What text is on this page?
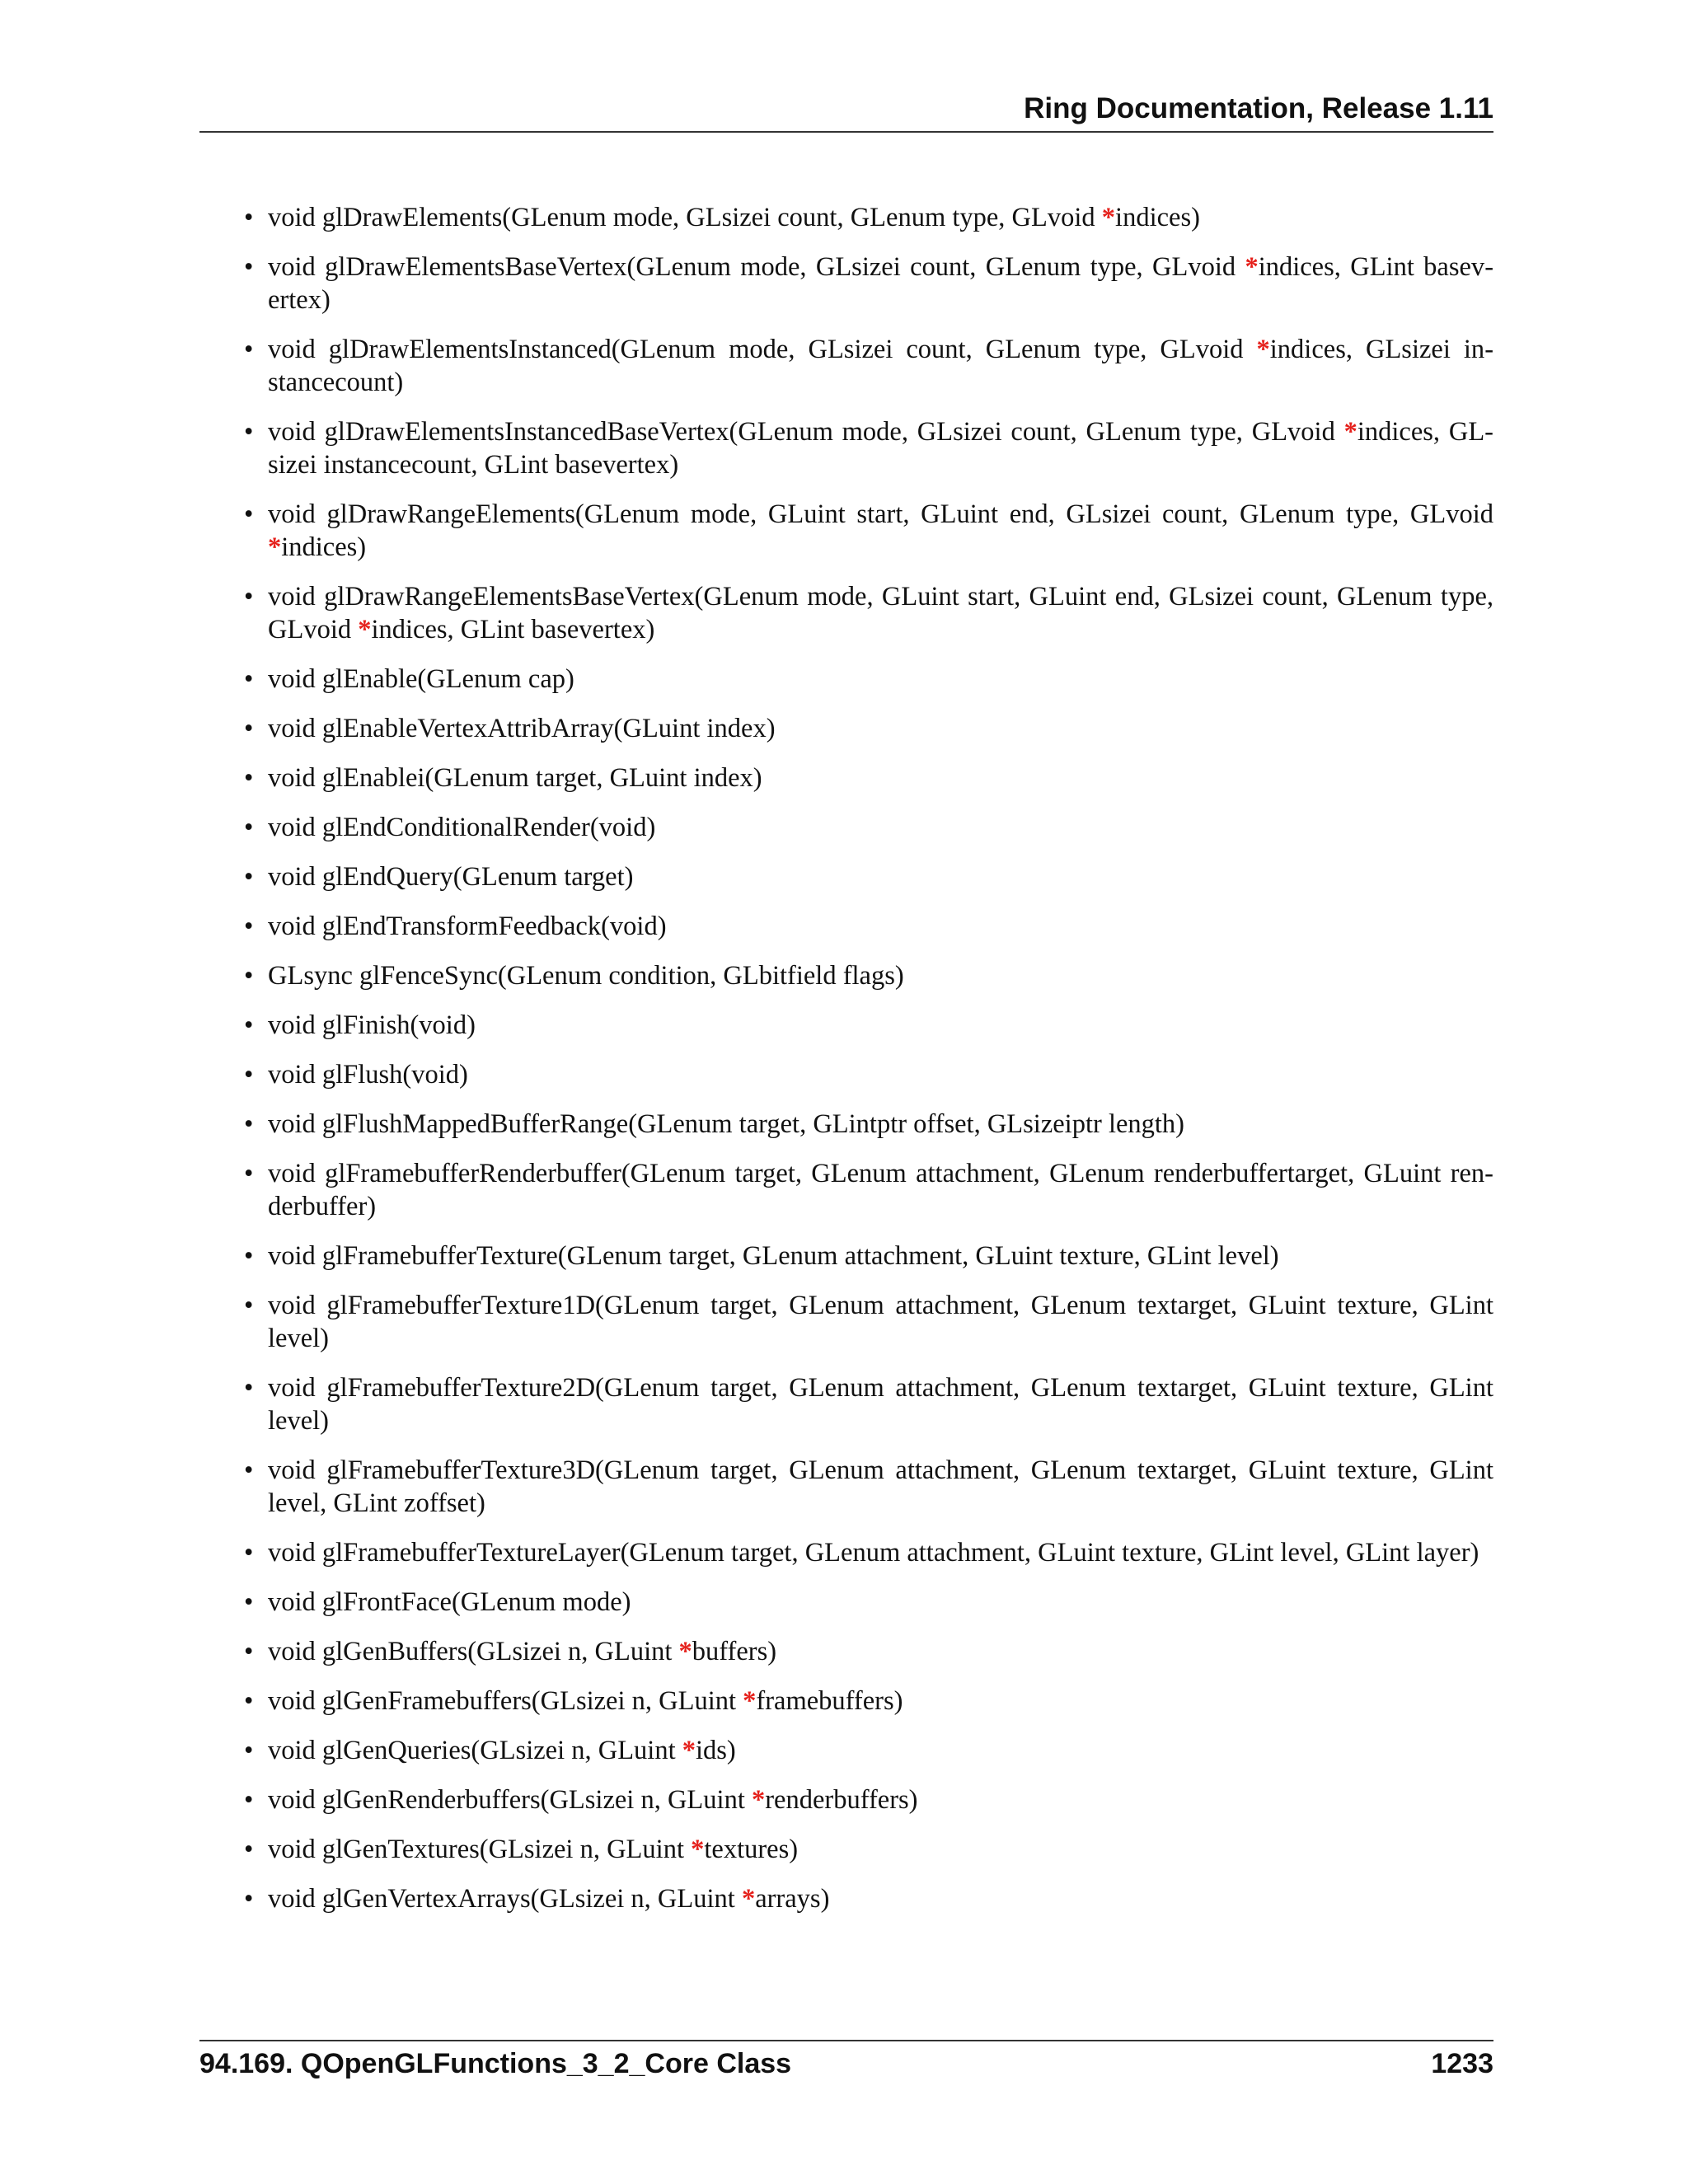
Ring Documentation, Release 1.11
• void glDrawElements(GLenum mode, GLsizei count, GLenum type, GLvoid *indices)
• void glDrawElementsBaseVertex(GLenum mode, GLsizei count, GLenum type, GLvoid *indices, GLint basevertex)
• void glDrawElementsInstanced(GLenum mode, GLsizei count, GLenum type, GLvoid *indices, GLsizei instancecount)
• void glDrawElementsInstancedBaseVertex(GLenum mode, GLsizei count, GLenum type, GLvoid *indices, GLsizei instancecount, GLint basevertex)
• void glDrawRangeElements(GLenum mode, GLuint start, GLuint end, GLsizei count, GLenum type, GLvoid *indices)
• void glDrawRangeElementsBaseVertex(GLenum mode, GLuint start, GLuint end, GLsizei count, GLenum type, GLvoid *indices, GLint basevertex)
• void glEnable(GLenum cap)
• void glEnableVertexAttribArray(GLuint index)
• void glEnablei(GLenum target, GLuint index)
• void glEndConditionalRender(void)
• void glEndQuery(GLenum target)
• void glEndTransformFeedback(void)
• GLsync glFenceSync(GLenum condition, GLbitfield flags)
• void glFinish(void)
• void glFlush(void)
• void glFlushMappedBufferRange(GLenum target, GLintptr offset, GLsizeiptr length)
• void glFramebufferRenderbuffer(GLenum target, GLenum attachment, GLenum renderbuffertarget, GLuint renderbuffer)
• void glFramebufferTexture(GLenum target, GLenum attachment, GLuint texture, GLint level)
• void glFramebufferTexture1D(GLenum target, GLenum attachment, GLenum textarget, GLuint texture, GLint level)
• void glFramebufferTexture2D(GLenum target, GLenum attachment, GLenum textarget, GLuint texture, GLint level)
• void glFramebufferTexture3D(GLenum target, GLenum attachment, GLenum textarget, GLuint texture, GLint level, GLint zoffset)
• void glFramebufferTextureLayer(GLenum target, GLenum attachment, GLuint texture, GLint level, GLint layer)
• void glFrontFace(GLenum mode)
• void glGenBuffers(GLsizei n, GLuint *buffers)
• void glGenFramebuffers(GLsizei n, GLuint *framebuffers)
• void glGenQueries(GLsizei n, GLuint *ids)
• void glGenRenderbuffers(GLsizei n, GLuint *renderbuffers)
• void glGenTextures(GLsizei n, GLuint *textures)
• void glGenVertexArrays(GLsizei n, GLuint *arrays)
94.169. QOpenGLFunctions_3_2_Core Class	1233
